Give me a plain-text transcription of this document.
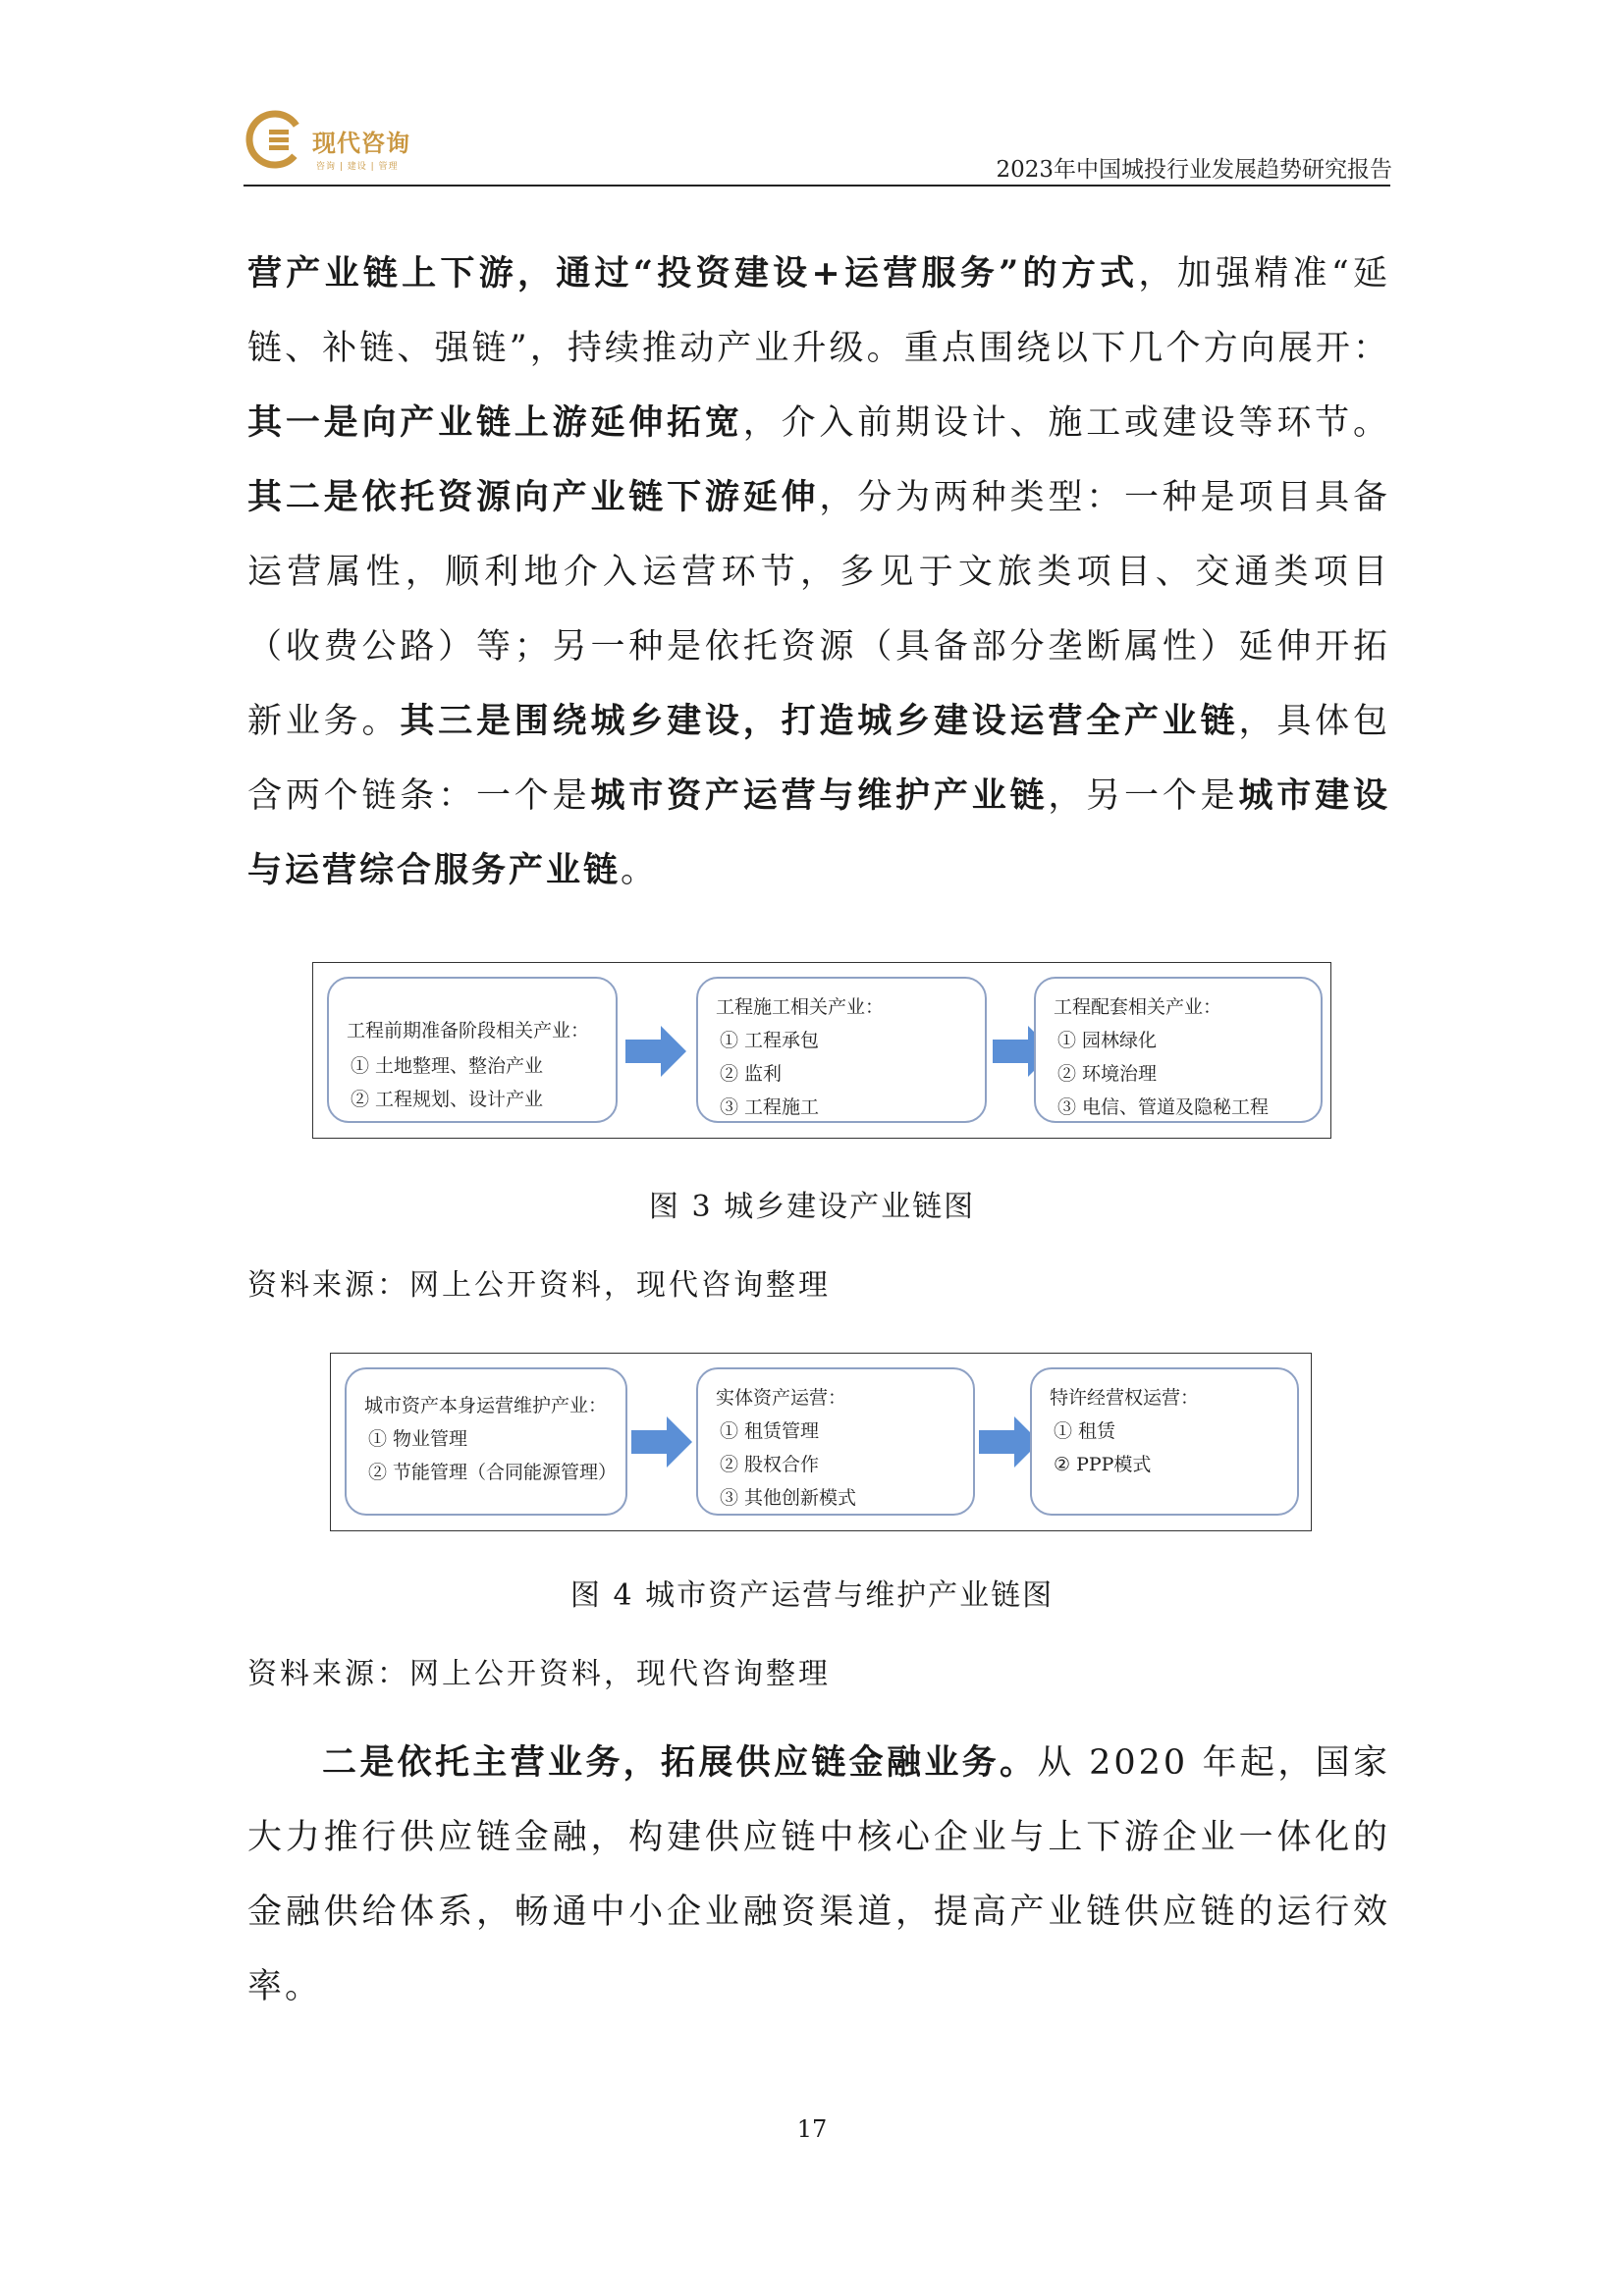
现代咨询
咨询 | 建设 | 管理	2023年中国城投行业发展趋势研究报告
营产业链上下游，通过“投资建设+运营服务”的方式，加强精准“延链、补链、强链”，持续推动产业升级。重点围绕以下几个方向展开：其一是向产业链上游延伸拓宽，介入前期设计、施工或建设等环节。其二是依托资源向产业链下游延伸，分为两种类型：一种是项目具备运营属性，顺利地介入运营环节，多见于文旅类项目、交通类项目（收费公路）等；另一种是依托资源（具备部分垄断属性）延伸开拓新业务。其三是围绕城乡建设，打造城乡建设运营全产业链，具体包含两个链条：一个是城市资产运营与维护产业链，另一个是城市建设与运营综合服务产业链。
工程前期准备阶段相关产业：
① 土地整理、整治产业
② 工程规划、设计产业
工程施工相关产业：
① 工程承包
② 监利
③ 工程施工
工程配套相关产业：
① 园林绿化
② 环境治理
③ 电信、管道及隐秘工程
图 3 城乡建设产业链图
资料来源：网上公开资料，现代咨询整理
城市资产本身运营维护产业：
① 物业管理
② 节能管理（合同能源管理）
实体资产运营：
① 租赁管理
② 股权合作
③ 其他创新模式
特许经营权运营：
① 租赁
② PPP模式
图 4 城市资产运营与维护产业链图
资料来源：网上公开资料，现代咨询整理
二是依托主营业务，拓展供应链金融业务。从 2020 年起，国家大力推行供应链金融，构建供应链中核心企业与上下游企业一体化的金融供给体系，畅通中小企业融资渠道，提高产业链供应链的运行效率。
17
